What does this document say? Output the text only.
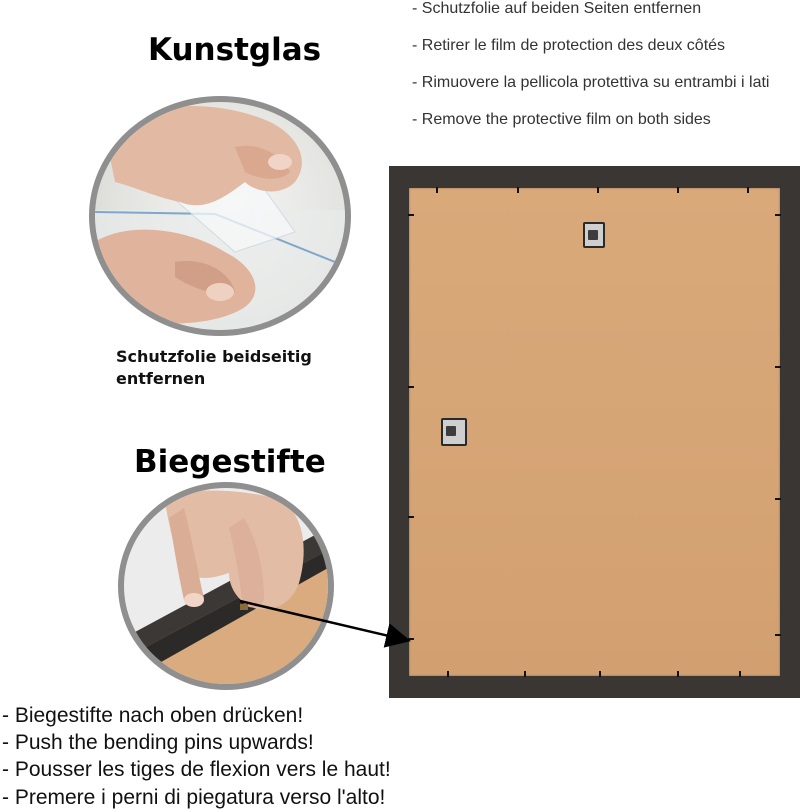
Kunstglas
Biegestifte
- Schutzfolie auf beiden Seiten entfernen
- Retirer le film de protection des deux côtés
- Rimuovere la pellicola protettiva su entrambi i lati
- Remove the protective film on both sides
Schutzfolie beidseitig
entfernen
- Biegestifte nach oben drücken!
- Push the bending pins upwards!
- Pousser les tiges de flexion vers le haut!
- Premere i perni di piegatura verso l'alto!
